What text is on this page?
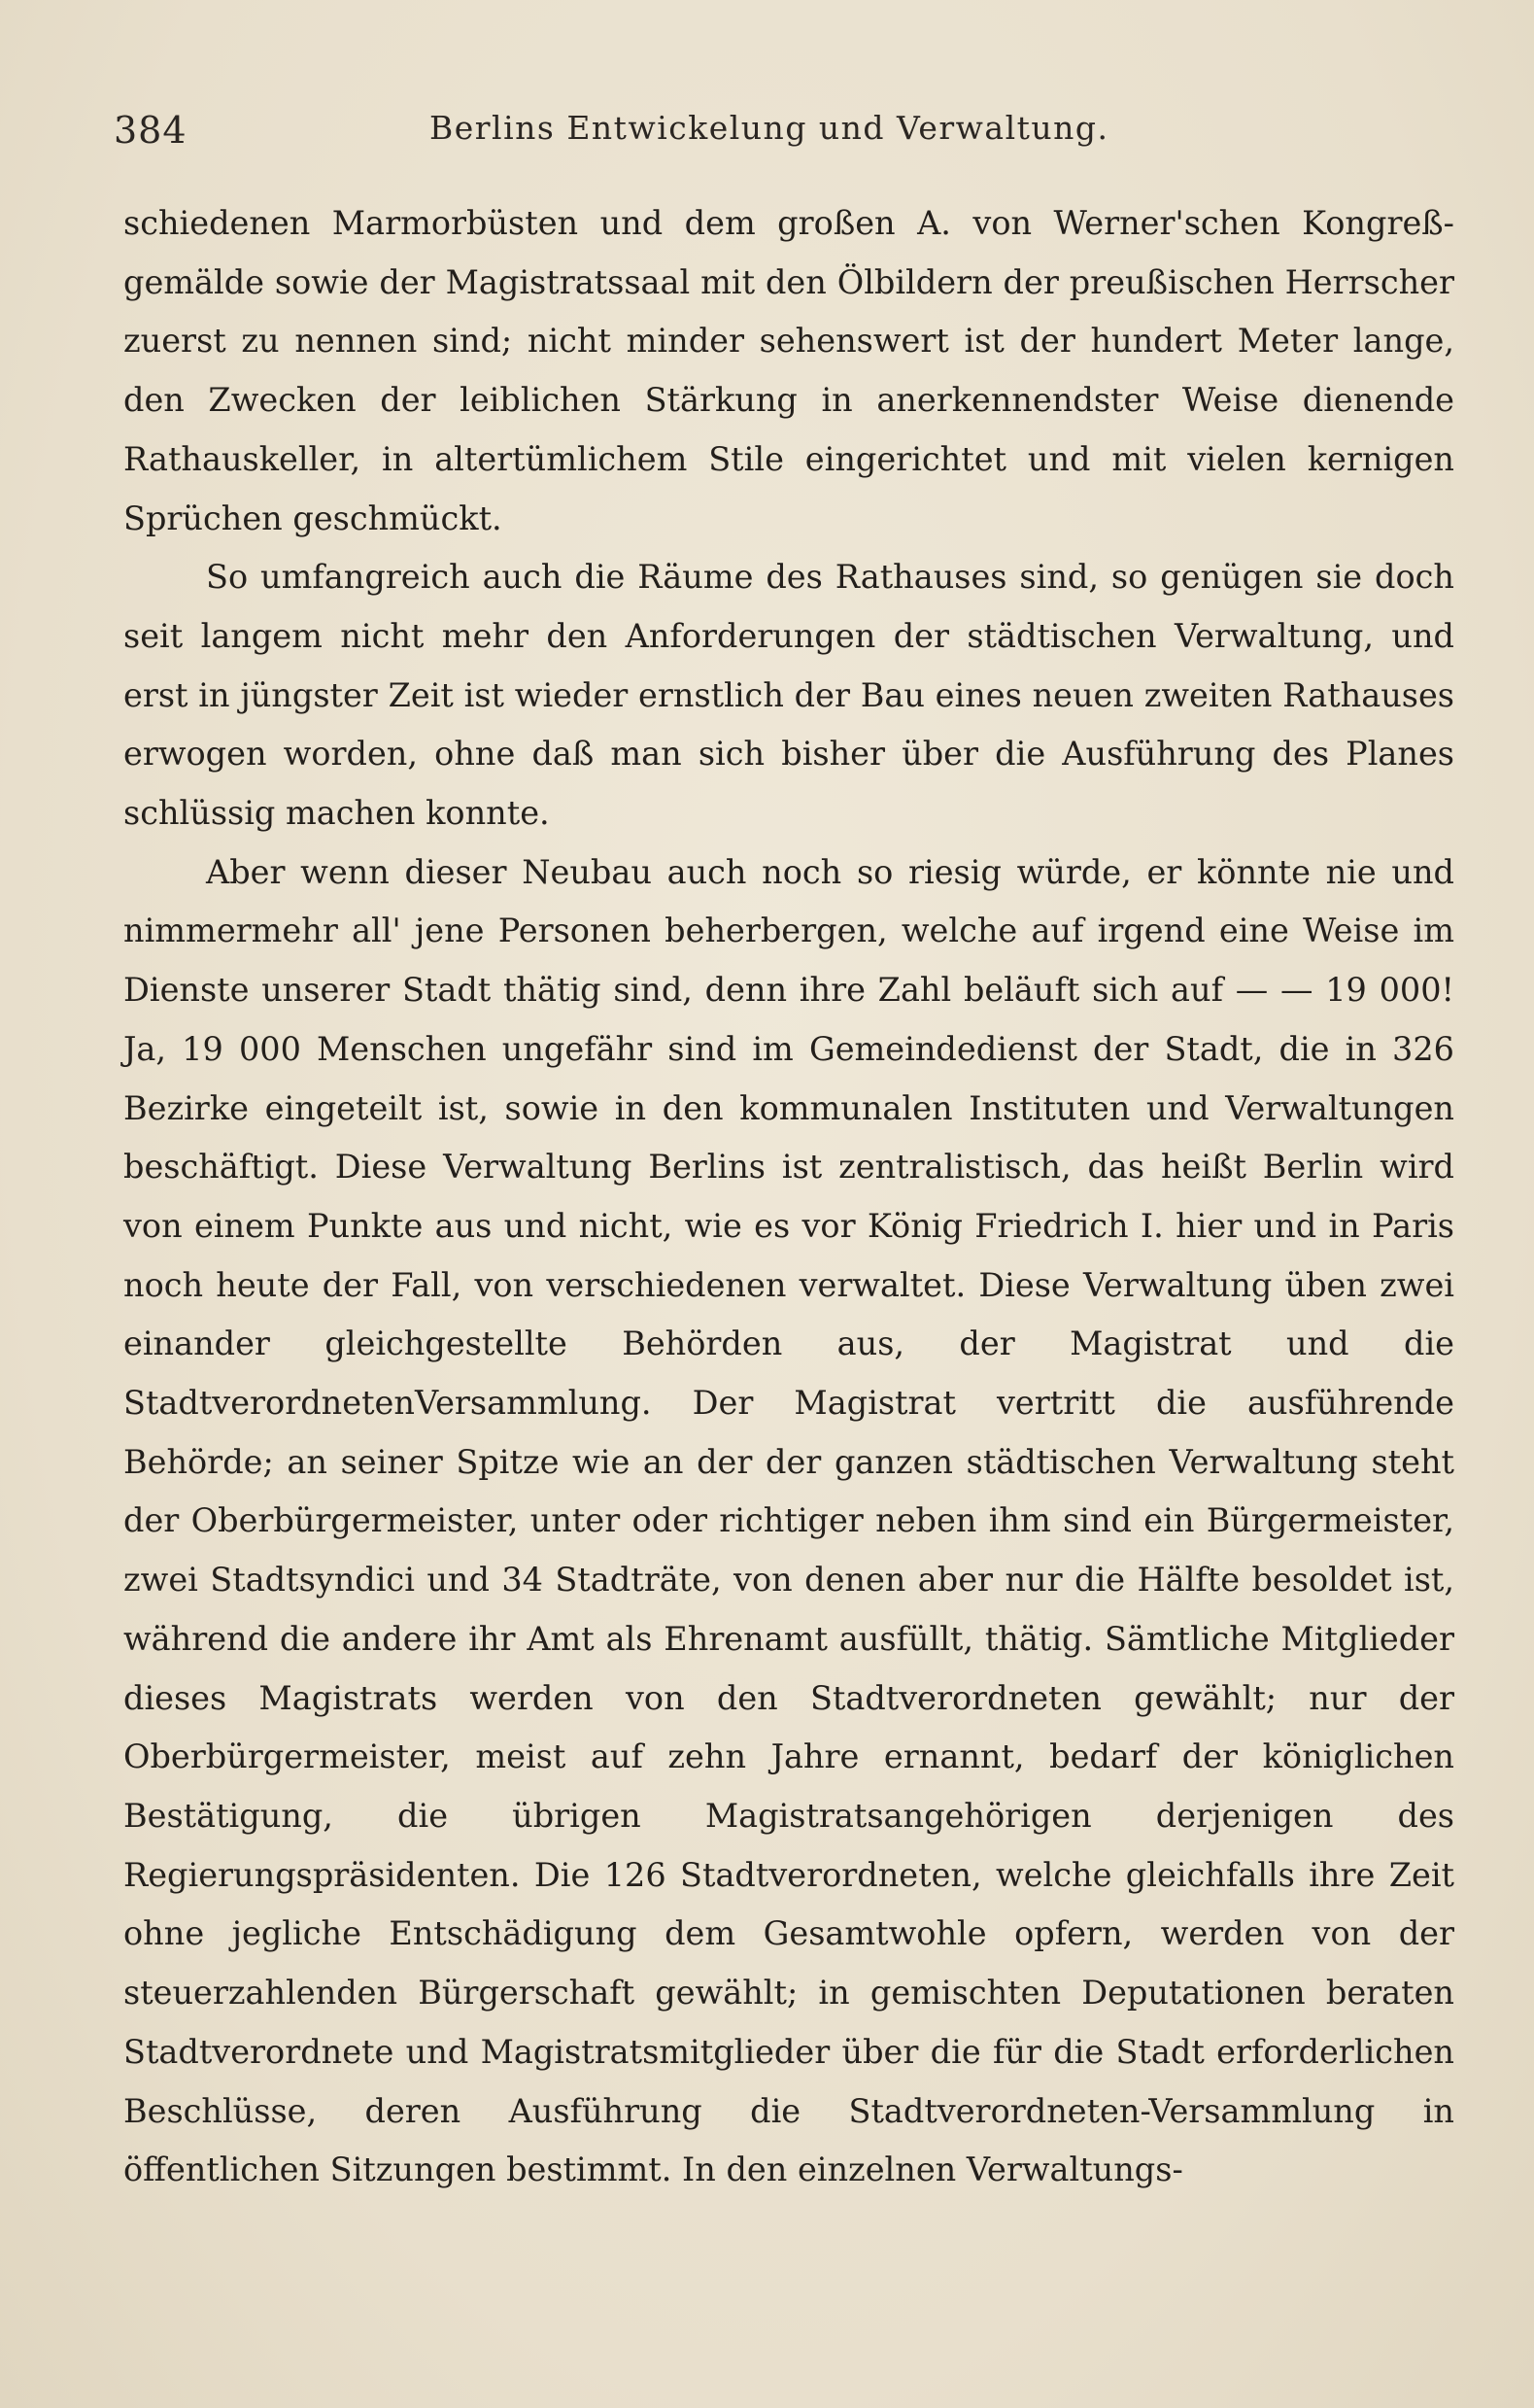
384	Berlins Entwickelung und Verwaltung.

schiedenen Marmorbüsten und dem großen A. von Werner'schen Kongreßgemälde sowie der Magistratssaal mit den Ölbildern der preußischen Herrscher zuerst zu nennen sind; nicht minder sehenswert ist der hundert Meter lange, den Zwecken der leiblichen Stärkung in anerkennendster Weise dienende Rathauskeller, in altertümlichem Stile eingerichtet und mit vielen kernigen Sprüchen geschmückt.

So umfangreich auch die Räume des Rathauses sind, so genügen sie doch seit langem nicht mehr den Anforderungen der städtischen Verwaltung, und erst in jüngster Zeit ist wieder ernstlich der Bau eines neuen zweiten Rathauses erwogen worden, ohne daß man sich bisher über die Ausführung des Planes schlüssig machen konnte.

Aber wenn dieser Neubau auch noch so riesig würde, er könnte nie und nimmermehr all' jene Personen beherbergen, welche auf irgend eine Weise im Dienste unserer Stadt thätig sind, denn ihre Zahl beläuft sich auf — — 19 000! Ja, 19 000 Menschen ungefähr sind im Gemeindedienst der Stadt, die in 326 Bezirke eingeteilt ist, sowie in den kommunalen Instituten und Verwaltungen beschäftigt. Diese Verwaltung Berlins ist zentralistisch, das heißt Berlin wird von einem Punkte aus und nicht, wie es vor König Friedrich I. hier und in Paris noch heute der Fall, von verschiedenen verwaltet. Diese Verwaltung üben zwei einander gleichgestellte Behörden aus, der Magistrat und die StadtverordnetenVersammlung. Der Magistrat vertritt die ausführende Behörde; an seiner Spitze wie an der der ganzen städtischen Verwaltung steht der Oberbürgermeister, unter oder richtiger neben ihm sind ein Bürgermeister, zwei Stadtsyndici und 34 Stadträte, von denen aber nur die Hälfte besoldet ist, während die andere ihr Amt als Ehrenamt ausfüllt, thätig. Sämtliche Mitglieder dieses Magistrats werden von den Stadtverordneten gewählt; nur der Oberbürgermeister, meist auf zehn Jahre ernannt, bedarf der königlichen Bestätigung, die übrigen Magistratsangehörigen derjenigen des Regierungspräsidenten. Die 126 Stadtverordneten, welche gleichfalls ihre Zeit ohne jegliche Entschädigung dem Gesamtwohle opfern, werden von der steuerzahlenden Bürgerschaft gewählt; in gemischten Deputationen beraten Stadtverordnete und Magistratsmitglieder über die für die Stadt erforderlichen Beschlüsse, deren Ausführung die Stadtverordneten-Versammlung in öffentlichen Sitzungen bestimmt. In den einzelnen Verwaltungs-
